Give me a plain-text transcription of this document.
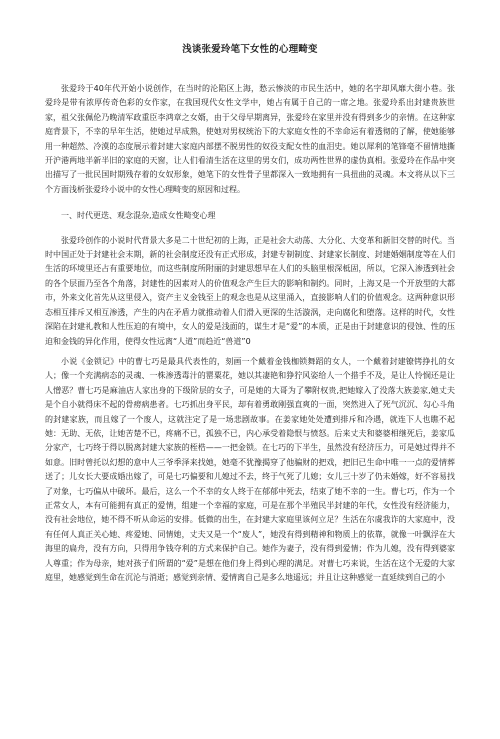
浅谈张爱玲笔下女性的心理畸变

张爱玲于40年代开始小说创作，在当时的沦陷区上海，愁云惨淡的市民生活中，她的名字却风靡大街小巷。张爱玲是带有浓厚传奇色彩的女作家，在我国现代女性文学中，她占有属于自己的一席之地。张爱玲系出封建贵族世家，祖父张佩伦乃晚清军政重臣李鸿章之女婿，由于父母早期离异，张爱玲在家里并没有得到多少的亲情。在这种家庭背景下，不幸的早年生活，使她过早成熟，使她对男权统治下的大家庭女性的不幸命运有着透彻的了解，使她能够用一种超然、冷漠的态度展示着封建大家庭内部摆不脱男性的奴役支配女性的血泪史。她以犀利的笔锋毫不留情地撕开沪港两地半新半旧的家庭的天窗，让人们看清生活在这里的男女们，成功两性世界的虚伪真相。张爱玲在作品中突出描写了一批民国时期残存着的女奴形象，她笔下的女性骨子里都深入一致地拥有一具扭曲的灵魂。本文将从以下三个方面浅析张爱玲小说中的女性心理畸变的原因和过程。

一、时代更迭、观念混杂,造成女性畸变心理

张爱玲创作的小说时代背景大多是二十世纪初的上海，正是社会大动荡、大分化、大变革和新旧交替的时代。当时中国正处于封建社会末期，新的社会制度还没有正式形成，封建专制制度、封建家长制度、封建婚姻制度等在人们生活的环境里还占有重要地位，而这些制度所附丽的封建思想早在人们的头脑里根深柢固，所以，它深入渗透到社会的各个层面乃至各个角落，封建性的因素对人的价值观念产生巨大的影响和制约。同时，上海又是一个开放型的大都市，外来文化首先从这里侵入，资产主义金钱至上的观念也是从这里涌入，直接影响人们的价值观念。这两种意识形态相互排斥又相互渗透，产生的内在矛盾力就推动着人们滑入更深的生活漩涡，走向腐化和堕落。这样的时代，女性深陷在封建礼教和人性压迫的有境中，女人的爱是浅面的，谋生才是“爱”的本质，正是由于封建意识的侵蚀、性的压迫和金钱的异化作用，使得女性远离“人道”而趋近“兽道”0

小说《金锁记》中的曹七巧是最具代表性的，刻画一个戴着金钱枷锁舞蹈的女人，一个戴着封建镣铐挣扎的女人；像一个充满病态的灵魂、一株渗透毒汁的罂粟花，她以其凄艳和狰狞风姿给人一个措手不及，是让人怜悯还是让人憎恶？曹七巧是麻油店人家出身的下级阶层的女子，可是她的大哥为了攀附权贵,把她嫁入了没落大族姜家,她丈夫是个自小就得床不起的骨痨病患者。七巧抓出身平民，却有着勇敢刚强直爽的一面，突然进入了死气沉沉、勾心斗角的封建家族，而且嫁了一个废人，这就注定了是一场悲剧故事。在姜家她处处遭到排斥和冷遇，就连下人也瞧不起她：无助、无依，让她苦楚不已，疼痛不已，孤独不已，内心承受着隐恨与愤怒。后来丈夫和婆婆相继死后，姜家瓜分家产，七巧终于得以脱离封建大家族的桎梏——一把金锁。在七巧的下半生，虽然没有经济压力，可是她过得并不如意。旧时曾托以幻想的意中人三爷季泽来找她，她毫不犹豫揭穿了他骗财的把戏，把旧已生命中唯一一点的爱情葬送了；儿女长大要成婚出嫁了，可是七巧偏要和儿媳过不去，终于气死了儿媳；女儿三十岁了仍未婚嫁，好不容易找了对象，七巧偏从中破坏。最后，这么一个不幸的女人终于在郁郁中死去，结束了她不幸的一生。曹七巧，作为一个正常女人，本有可能拥有真正的爱情，组建一个幸福的家庭，可是在那个半殖民半封建的年代，女性没有经济能力，没有社会地位，她不得不听从命运的安排。低微的出生，在封建大家庭里该何立足？生活在尔虞我诈的大家庭中，没有任何人真正关心她、疼爱她、同情她，丈夫又是一个“废人”，她没有得到精神和物质上的依靠，就像一叶飘浮在大海里的扁舟，没有方向，只得用争钱夺利的方式来保护自己。她作为妻子，没有得到爱情；作为儿媳，没有得到婆家人尊重；作为母亲，她对孩子们所谓的“爱”是想在他们身上得到心理的满足。对曹七巧来说，生活在这个无爱的大家庭里，她感觉到生命在沉沦与消逝；感觉到亲情、爱情离自己是多么地遥远；并且让这种感觉一直延续到自己的小
